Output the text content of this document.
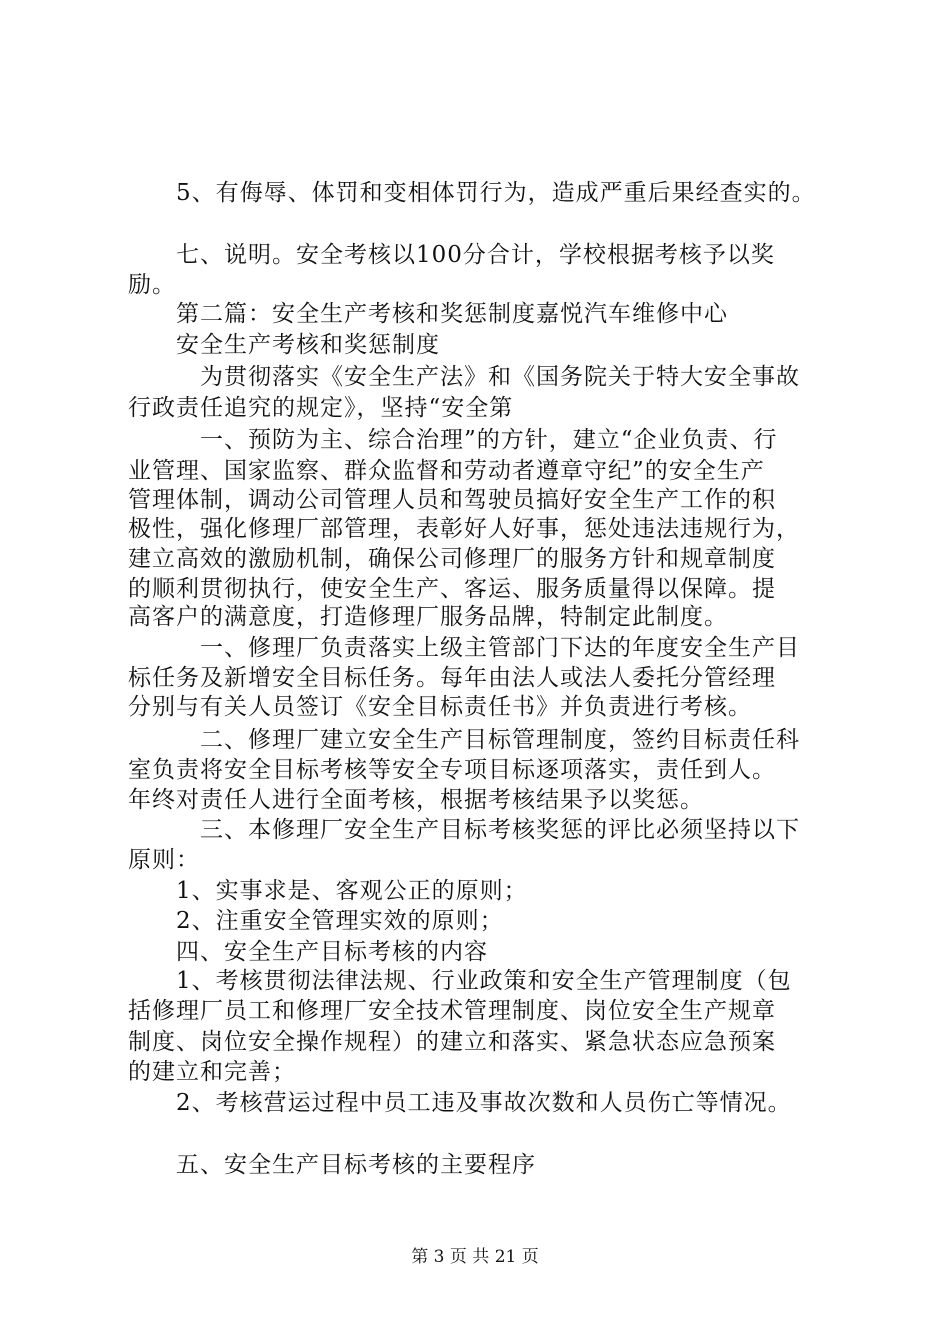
　　5、有侮辱、体罚和变相体罚行为，造成严重后果经查实的。
　　七、说明。安全考核以100分合计，学校根据考核予以奖
励。
　　第二篇：安全生产考核和奖惩制度嘉悦汽车维修中心
　　安全生产考核和奖惩制度
　　　为贯彻落实《安全生产法》和《国务院关于特大安全事故
行政责任追究的规定》，坚持“安全第
　　　一、预防为主、综合治理”的方针，建立“企业负责、行
业管理、国家监察、群众监督和劳动者遵章守纪”的安全生产
管理体制，调动公司管理人员和驾驶员搞好安全生产工作的积
极性，强化修理厂部管理，表彰好人好事，惩处违法违规行为，
建立高效的激励机制，确保公司修理厂的服务方针和规章制度
的顺利贯彻执行，使安全生产、客运、服务质量得以保障。提
高客户的满意度，打造修理厂服务品牌，特制定此制度。
　　　一、修理厂负责落实上级主管部门下达的年度安全生产目
标任务及新增安全目标任务。每年由法人或法人委托分管经理
分别与有关人员签订《安全目标责任书》并负责进行考核。
　　　二、修理厂建立安全生产目标管理制度，签约目标责任科
室负责将安全目标考核等安全专项目标逐项落实，责任到人。
年终对责任人进行全面考核，根据考核结果予以奖惩。
　　　三、本修理厂安全生产目标考核奖惩的评比必须坚持以下
原则：
　　1、实事求是、客观公正的原则；
　　2、注重安全管理实效的原则；
　　四、安全生产目标考核的内容
　　1、考核贯彻法律法规、行业政策和安全生产管理制度（包
括修理厂员工和修理厂安全技术管理制度、岗位安全生产规章
制度、岗位安全操作规程）的建立和落实、紧急状态应急预案
的建立和完善；
　　2、考核营运过程中员工违及事故次数和人员伤亡等情况。
　　五、安全生产目标考核的主要程序
第 3 页 共 21 页
